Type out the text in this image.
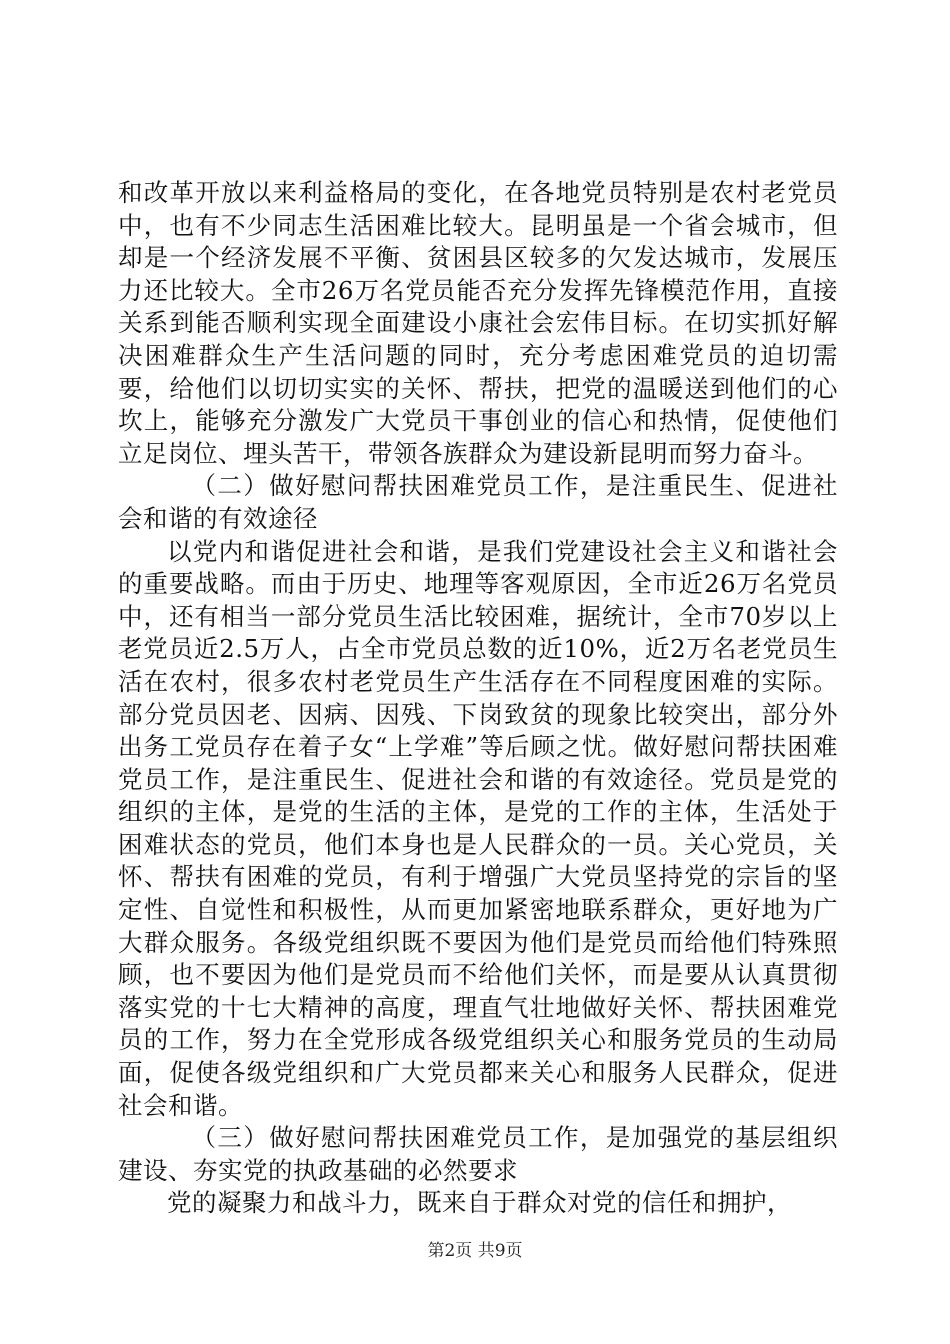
和改革开放以来利益格局的变化，在各地党员特别是农村老党员中，也有不少同志生活困难比较大。昆明虽是一个省会城市，但却是一个经济发展不平衡、贫困县区较多的欠发达城市，发展压力还比较大。全市26万名党员能否充分发挥先锋模范作用，直接关系到能否顺利实现全面建设小康社会宏伟目标。在切实抓好解决困难群众生产生活问题的同时，充分考虑困难党员的迫切需要，给他们以切切实实的关怀、帮扶，把党的温暖送到他们的心坎上，能够充分激发广大党员干事创业的信心和热情，促使他们立足岗位、埋头苦干，带领各族群众为建设新昆明而努力奋斗。

（二）做好慰问帮扶困难党员工作，是注重民生、促进社会和谐的有效途径

以党内和谐促进社会和谐，是我们党建设社会主义和谐社会的重要战略。而由于历史、地理等客观原因，全市近26万名党员中，还有相当一部分党员生活比较困难，据统计，全市70岁以上老党员近2.5万人，占全市党员总数的近10%，近2万名老党员生活在农村，很多农村老党员生产生活存在不同程度困难的实际。部分党员因老、因病、因残、下岗致贫的现象比较突出，部分外出务工党员存在着子女“上学难”等后顾之忧。做好慰问帮扶困难党员工作，是注重民生、促进社会和谐的有效途径。党员是党的组织的主体，是党的生活的主体，是党的工作的主体，生活处于困难状态的党员，他们本身也是人民群众的一员。关心党员，关怀、帮扶有困难的党员，有利于增强广大党员坚持党的宗旨的坚定性、自觉性和积极性，从而更加紧密地联系群众，更好地为广大群众服务。各级党组织既不要因为他们是党员而给他们特殊照顾，也不要因为他们是党员而不给他们关怀，而是要从认真贯彻落实党的十七大精神的高度，理直气壮地做好关怀、帮扶困难党员的工作，努力在全党形成各级党组织关心和服务党员的生动局面，促使各级党组织和广大党员都来关心和服务人民群众，促进社会和谐。

（三）做好慰问帮扶困难党员工作，是加强党的基层组织建设、夯实党的执政基础的必然要求

党的凝聚力和战斗力，既来自于群众对党的信任和拥护，

第2页 共9页
